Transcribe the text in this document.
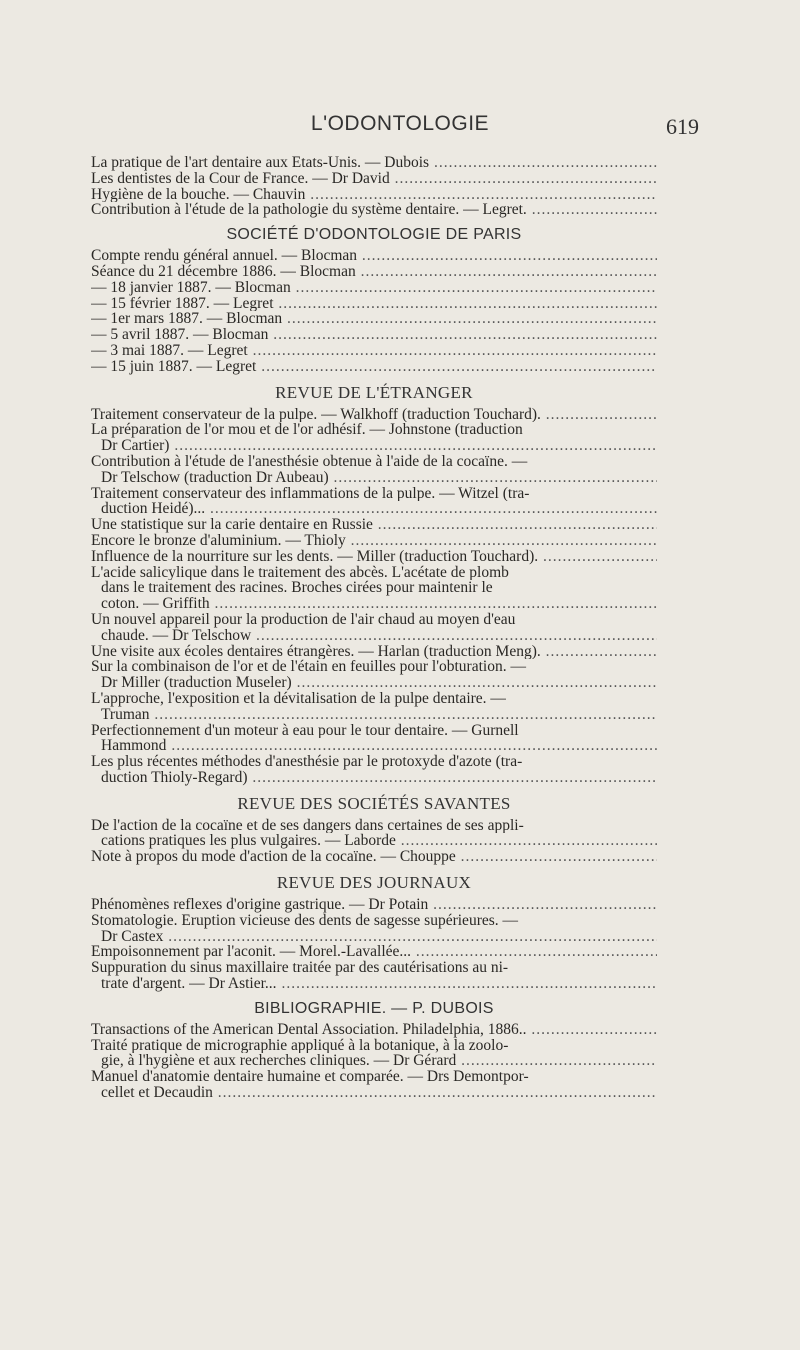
L'ODONTOLOGIE	619
La pratique de l'art dentaire aux Etats-Unis. — Dubois .....
Les dentistes de la Cour de France. — Dr David .....
Hygiène de la bouche. — Chauvin .....
Contribution à l'étude de la pathologie du système dentaire. — Legret. .....
SOCIÉTÉ D'ODONTOLOGIE DE PARIS
Compte rendu général annuel. — Blocman .....
Séance du 21 décembre 1886. — Blocman .....
— 18 janvier 1887. — Blocman .....
— 15 février 1887. — Legret .....
— 1er mars 1887. — Blocman .....
— 5 avril 1887. — Blocman .....
— 3 mai 1887. — Legret .....
— 15 juin 1887. — Legret .....
REVUE DE L'ÉTRANGER
Traitement conservateur de la pulpe. — Walkhoff (traduction Touchard). .....
La préparation de l'or mou et de l'or adhésif. — Johnstone (traduction
Dr Cartier) .....
Contribution à l'étude de l'anesthésie obtenue à l'aide de la cocaïne. —
Dr Telschow (traduction Dr Aubeau) .....
Traitement conservateur des inflammations de la pulpe. — Witzel (tra-
duction Heidé)... .....
Une statistique sur la carie dentaire en Russie .....
Encore le bronze d'aluminium. — Thioly .....
Influence de la nourriture sur les dents. — Miller (traduction Touchard). .....
L'acide salicylique dans le traitement des abcès. L'acétate de plomb
dans le traitement des racines. Broches cirées pour maintenir le
coton. — Griffith .....
Un nouvel appareil pour la production de l'air chaud au moyen d'eau
chaude. — Dr Telschow .....
Une visite aux écoles dentaires étrangères. — Harlan (traduction Meng). .....
Sur la combinaison de l'or et de l'étain en feuilles pour l'obturation. —
Dr Miller (traduction Museler) .....
L'approche, l'exposition et la dévitalisation de la pulpe dentaire. —
Truman .....
Perfectionnement d'un moteur à eau pour le tour dentaire. — Gurnell
Hammond .....
Les plus récentes méthodes d'anesthésie par le protoxyde d'azote (tra-
duction Thioly-Regard) .....
REVUE DES SOCIÉTÉS SAVANTES
De l'action de la cocaïne et de ses dangers dans certaines de ses appli-
cations pratiques les plus vulgaires. — Laborde .....
Note à propos du mode d'action de la cocaïne. — Chouppe .....
REVUE DES JOURNAUX
Phénomènes reflexes d'origine gastrique. — Dr Potain .....
Stomatologie. Eruption vicieuse des dents de sagesse supérieures. —
Dr Castex .....
Empoisonnement par l'aconit. — Morel.-Lavallée... .....
Suppuration du sinus maxillaire traitée par des cautérisations au ni-
trate d'argent. — Dr Astier... .....
BIBLIOGRAPHIE. — P. DUBOIS
Transactions of the American Dental Association. Philadelphia, 1886.. .....
Traité pratique de micrographie appliqué à la botanique, à la zoolo-
gie, à l'hygiène et aux recherches cliniques. — Dr Gérard .....
Manuel d'anatomie dentaire humaine et comparée. — Drs Demontpor-
cellet et Decaudin .....
